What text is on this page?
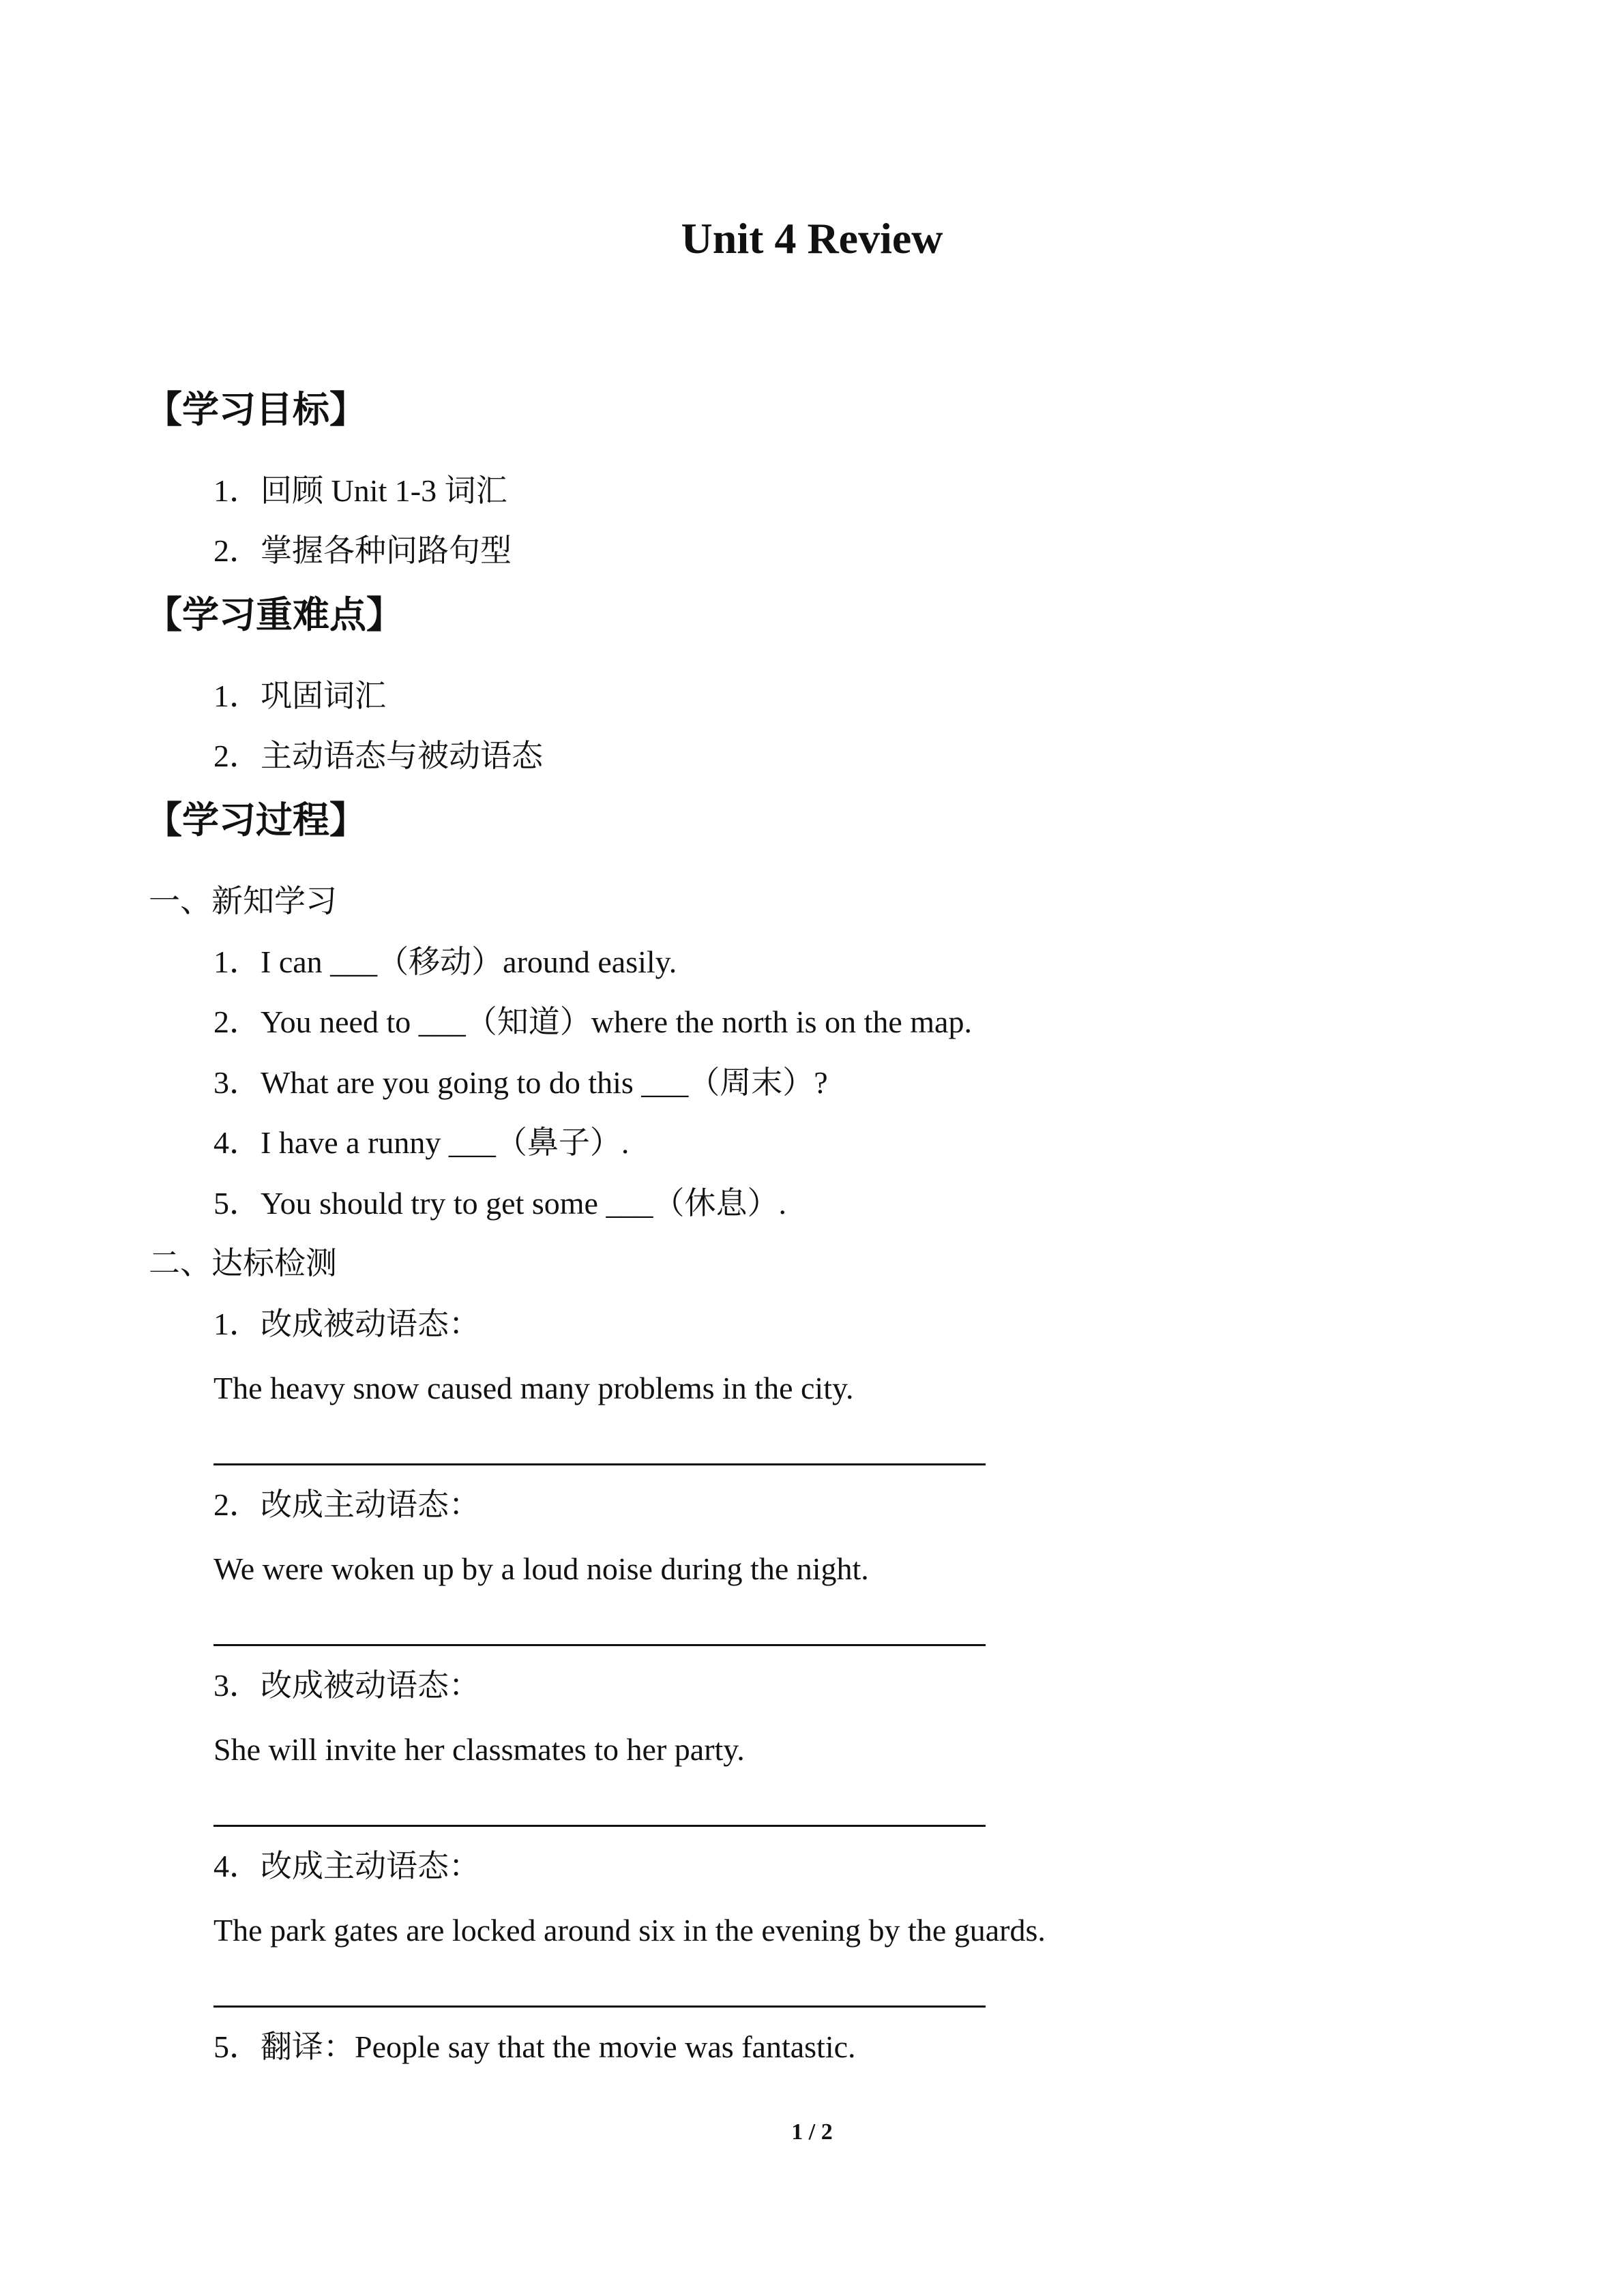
Unit 4 Review
【学习目标】
1．回顾 Unit 1-3 词汇
2．掌握各种问路句型
【学习重难点】
1．巩固词汇
2．主动语态与被动语态
【学习过程】
一、新知学习
1．I can ___（移动）around easily.
2．You need to ___（知道）where the north is on the map.
3．What are you going to do this ___（周末）?
4．I have a runny ___（鼻子）.
5．You should try to get some ___（休息）.
二、达标检测
1．改成被动语态：
The heavy snow caused many problems in the city.
2．改成主动语态：
We were woken up by a loud noise during the night.
3．改成被动语态：
She will invite her classmates to her party.
4．改成主动语态：
The park gates are locked around six in the evening by the guards.
5．翻译：People say that the movie was fantastic.
1 / 2
